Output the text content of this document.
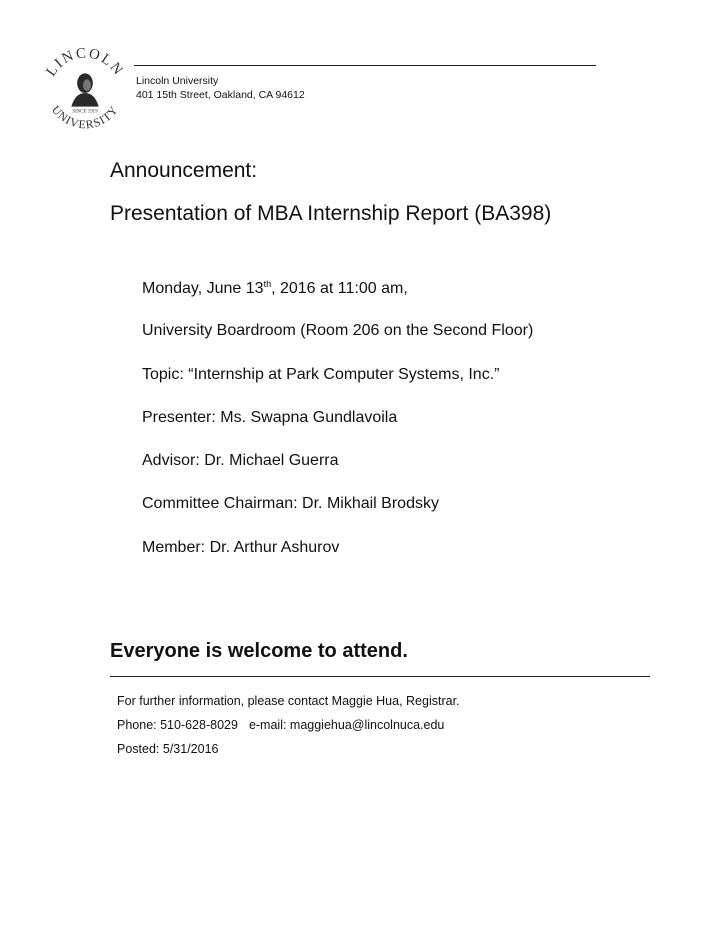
LINCOLN
UNIVERSITY
SINCE 1919
Lincoln University
401 15th Street, Oakland, CA 94612
Announcement:
Presentation of MBA Internship Report (BA398)
Monday, June 13th, 2016 at 11:00 am,
University Boardroom (Room 206 on the Second Floor)
Topic: “Internship at Park Computer Systems, Inc.”
Presenter: Ms. Swapna Gundlavoila
Advisor: Dr. Michael Guerra
Committee Chairman: Dr. Mikhail Brodsky
Member: Dr. Arthur Ashurov
Everyone is welcome to attend.
For further information, please contact Maggie Hua, Registrar.
Phone: 510-628-8029 e-mail: maggiehua@lincolnuca.edu
Posted: 5/31/2016
